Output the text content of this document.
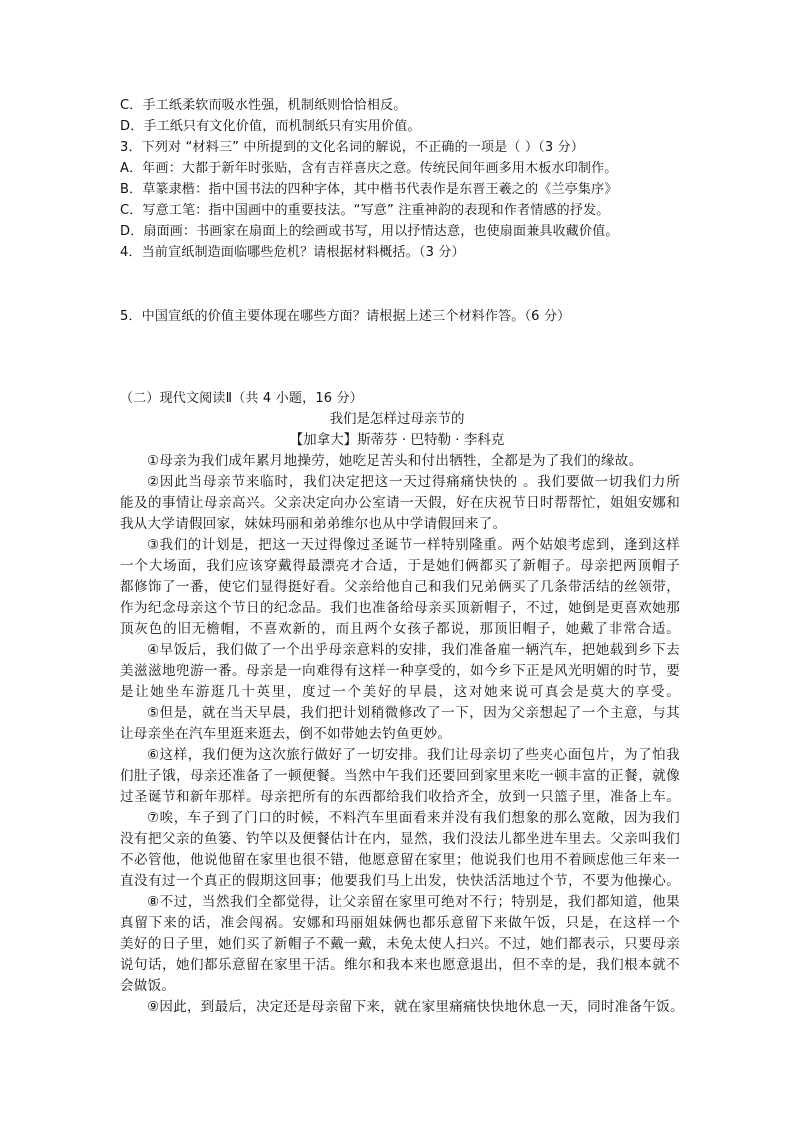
C．手工纸柔软而吸水性强，机制纸则恰恰相反。
D．手工纸只有文化价值，而机制纸只有实用价值。
3．下列对 “材料三” 中所提到的文化名词的解说，不正确的一项是（ ）（3 分）
A．年画：大都于新年时张贴，含有吉祥喜庆之意。传统民间年画多用木板水印制作。
B．草篆隶楷：指中国书法的四种字体，其中楷书代表作是东晋王羲之的《兰亭集序》
C．写意工笔：指中国画中的重要技法。“写意” 注重神韵的表现和作者情感的抒发。
D．扇面画：书画家在扇面上的绘画或书写，用以抒情达意，也使扇面兼具收藏价值。
4．当前宣纸制造面临哪些危机？请根据材料概括。（3 分）
5．中国宣纸的价值主要体现在哪些方面？请根据上述三个材料作答。（6 分）
（二）现代文阅读Ⅱ（共 4 小题，16 分）
我们是怎样过母亲节的
【加拿大】斯蒂芬 · 巴特勒 · 李科克
①母亲为我们成年累月地操劳，她吃足苦头和付出牺牲，全都是为了我们的缘故。
②因此当母亲节来临时，我们决定把这一天过得痛痛快快的 。我们要做一切我们力所
能及的事情让母亲高兴。父亲决定向办公室请一天假，好在庆祝节日时帮帮忙，姐姐安娜和
我从大学请假回家，妹妹玛丽和弟弟维尔也从中学请假回来了。
③我们的计划是，把这一天过得像过圣诞节一样特别隆重。两个姑娘考虑到，逢到这样
一个大场面，我们应该穿戴得最漂亮才合适，于是她们俩都买了新帽子。母亲把两顶帽子
都修饰了一番，使它们显得挺好看。父亲给他自己和我们兄弟俩买了几条带活结的丝领带，
作为纪念母亲这个节日的纪念品。我们也准备给母亲买顶新帽子，不过，她倒是更喜欢她那
顶灰色的旧无檐帽，不喜欢新的，而且两个女孩子都说，那顶旧帽子，她戴了非常合适。
④早饭后，我们做了一个出乎母亲意料的安排，我们准备雇一辆汽车，把她载到乡下去
美滋滋地兜游一番。母亲是一向难得有这样一种享受的，如今乡下正是风光明媚的时节，要
是让她坐车游逛几十英里，度过一个美好的早晨，这对她来说可真会是莫大的享受。
⑤但是，就在当天早晨，我们把计划稍微修改了一下，因为父亲想起了一个主意，与其
让母亲坐在汽车里逛来逛去，倒不如带她去钓鱼更妙。
⑥这样，我们便为这次旅行做好了一切安排。我们让母亲切了些夹心面包片，为了怕我
们肚子饿，母亲还准备了一顿便餐。当然中午我们还要回到家里来吃一顿丰富的正餐，就像
过圣诞节和新年那样。母亲把所有的东西都给我们收拾齐全，放到一只篮子里，准备上车。
⑦唉，车子到了门口的时候，不料汽车里面看来并没有我们想象的那么宽敞，因为我们
没有把父亲的鱼篓、钓竿以及便餐估计在内，显然，我们没法儿都坐进车里去。父亲叫我们
不必管他，他说他留在家里也很不错，他愿意留在家里；他说我们也用不着顾虑他三年来一
直没有过一个真正的假期这回事；他要我们马上出发，快快活活地过个节，不要为他操心。
⑧不过，当然我们全都觉得，让父亲留在家里可绝对不行；特别是，我们都知道，他果
真留下来的话，准会闯祸。安娜和玛丽姐妹俩也都乐意留下来做午饭，只是，在这样一个
美好的日子里，她们买了新帽子不戴一戴，未免太使人扫兴。不过，她们都表示，只要母亲
说句话，她们都乐意留在家里干活。维尔和我本来也愿意退出，但不幸的是，我们根本就不
会做饭。
⑨因此，到最后，决定还是母亲留下来，就在家里痛痛快快地休息一天，同时准备午饭。
